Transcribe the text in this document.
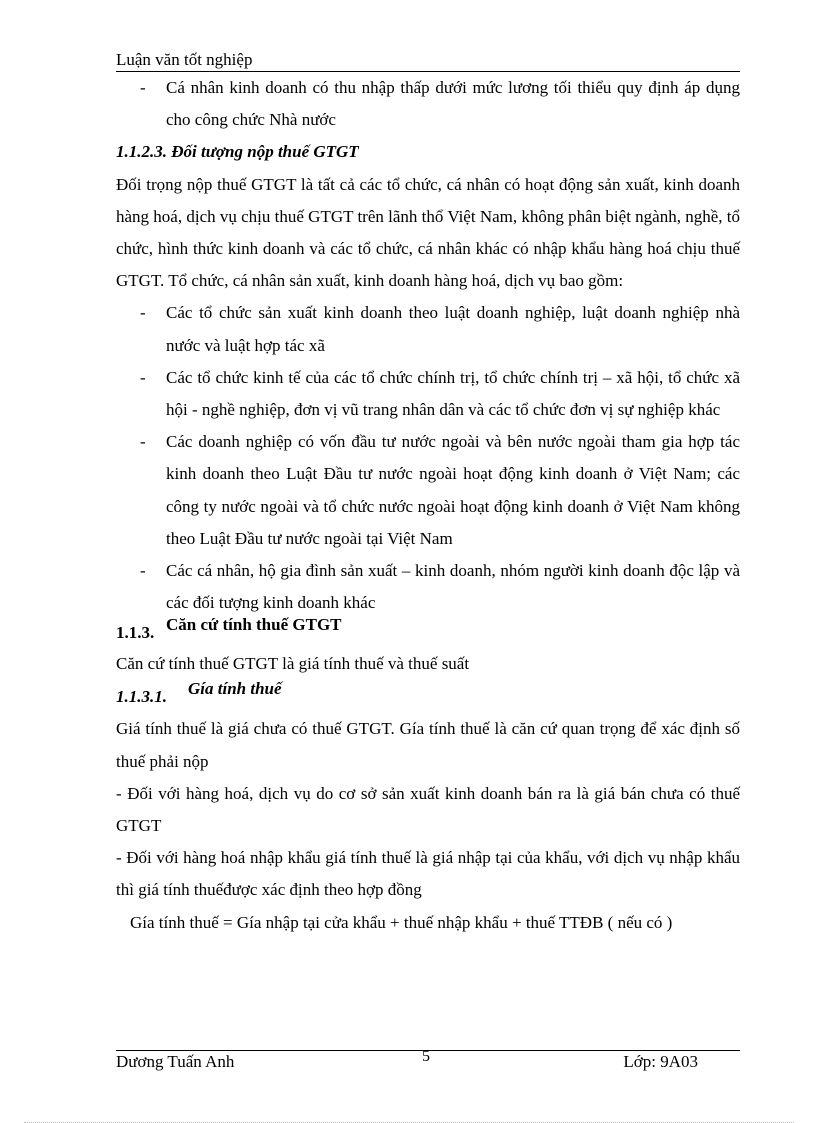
Luận văn tốt nghiệp
- Cá nhân kinh doanh có thu nhập thấp dưới mức lương tối thiểu quy định áp dụng cho công chức Nhà nước
1.1.2.3. Đối tượng nộp thuế GTGT
Đối trọng nộp thuế GTGT là tất cả các tổ chức, cá nhân có hoạt động sản xuất, kinh doanh hàng hoá, dịch vụ chịu thuế GTGT trên lãnh thổ Việt Nam, không phân biệt ngành, nghề, tổ chức, hình thức kinh doanh và các tổ chức, cá nhân khác có nhập khẩu hàng hoá chịu thuế GTGT. Tổ chức, cá nhân sản xuất, kinh doanh hàng hoá, dịch vụ bao gồm:
- Các tổ chức sản xuất kinh doanh theo luật doanh nghiệp, luật doanh nghiệp nhà nước và luật hợp tác xã
- Các tổ chức kinh tế của các tổ chức chính trị, tổ chức chính trị – xã hội, tổ chức xã hội - nghề nghiệp, đơn vị vũ trang nhân dân và các tổ chức đơn vị sự nghiệp khác
- Các doanh nghiệp có vốn đầu tư nước ngoài và bên nước ngoài tham gia hợp tác kinh doanh theo Luật Đầu tư nước ngoài hoạt động kinh doanh ở Việt Nam; các công ty nước ngoài và tổ chức nước ngoài hoạt động kinh doanh ở Việt Nam không theo Luật Đầu tư nước ngoài tại Việt Nam
- Các cá nhân, hộ gia đình sản xuất – kinh doanh, nhóm người kinh doanh độc lập và các đối tượng kinh doanh khác
1.1.3. Căn cứ tính thuế GTGT
Căn cứ tính thuế GTGT là giá tính thuế và thuế suất
1.1.3.1.	Gía tính thuế
Giá tính thuế là giá chưa có thuế GTGT. Gía tính thuế là căn cứ quan trọng để xác định số thuế phải nộp
- Đối với hàng hoá, dịch vụ do cơ sở sản xuất kinh doanh bán ra là giá bán chưa có thuế GTGT
- Đối với hàng hoá nhập khẩu giá tính thuế là giá nhập tại của khẩu, với dịch vụ nhập khẩu thì giá tính thuếđược xác định theo hợp đồng
Gía tính thuế = Gía nhập tại cửa khẩu + thuế nhập khẩu + thuế TTĐB ( nếu có )
Dương Tuấn Anh	5	Lớp: 9A03
